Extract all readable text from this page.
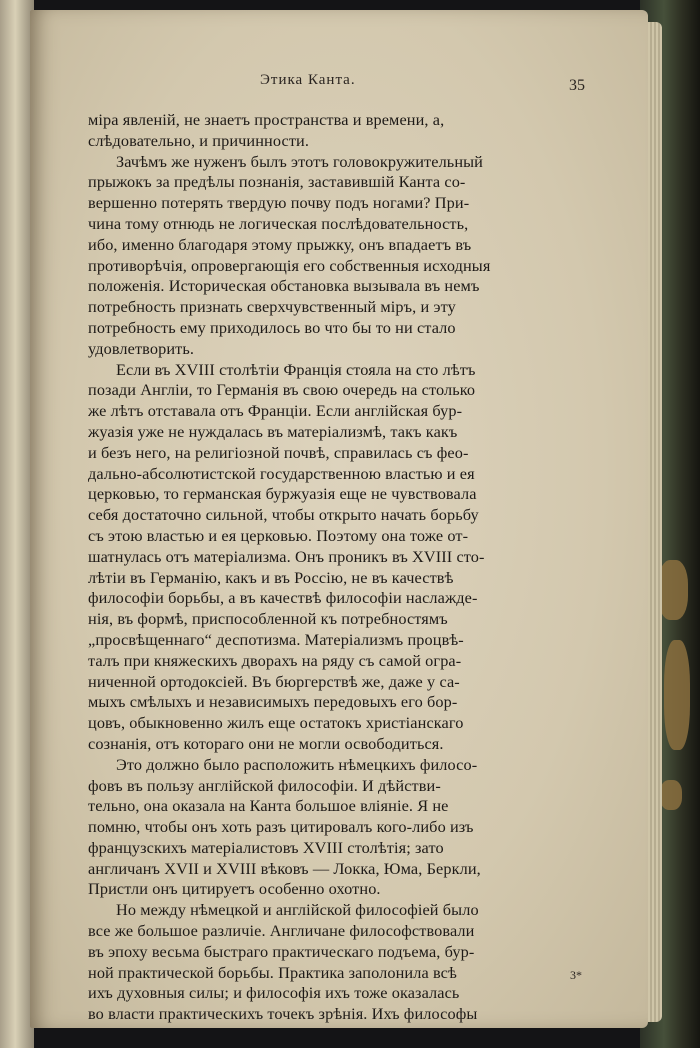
Этика Канта.	35
міра явленій, не знаетъ пространства и времени, а,
слѣдовательно, и причинности.
Зачѣмъ же нуженъ былъ этотъ головокружительный
прыжокъ за предѣлы познанія, заставившій Канта со-
вершенно потерять твердую почву подъ ногами? При-
чина тому отнюдь не логическая послѣдовательность,
ибо, именно благодаря этому прыжку, онъ впадаетъ въ
противорѣчія, опровергающія его собственныя исходныя
положенія. Историческая обстановка вызывала въ немъ
потребность признать сверхчувственный міръ, и эту
потребность ему приходилось во что бы то ни стало
удовлетворить.
Если въ XVIII столѣтіи Франція стояла на сто лѣтъ
позади Англіи, то Германія въ свою очередь на столько
же лѣтъ отставала отъ Франціи. Если англійская бур-
жуазія уже не нуждалась въ матеріализмѣ, такъ какъ
и безъ него, на религіозной почвѣ, справилась съ фео-
дально-абсолютистской государственною властью и ея
церковью, то германская буржуазія еще не чувствовала
себя достаточно сильной, чтобы открыто начать борьбу
съ этою властью и ея церковью. Поэтому она тоже от-
шатнулась отъ матеріализма. Онъ проникъ въ XVIII сто-
лѣтіи въ Германію, какъ и въ Россію, не въ качествѣ
философіи борьбы, а въ качествѣ философіи наслажде-
нія, въ формѣ, приспособленной къ потребностямъ
„просвѣщеннаго“ деспотизма. Матеріализмъ процвѣ-
талъ при княжескихъ дворахъ на ряду съ самой огра-
ниченной ортодоксіей. Въ бюргерствѣ же, даже у са-
мыхъ смѣлыхъ и независимыхъ передовыхъ его бор-
цовъ, обыкновенно жилъ еще остатокъ христіанскаго
сознанія, отъ котораго они не могли освободиться.
Это должно было расположить нѣмецкихъ филосо-
фовъ въ пользу англійской философіи. И дѣйстви-
тельно, она оказала на Канта большое вліяніе. Я не
помню, чтобы онъ хоть разъ цитировалъ кого-либо изъ
французскихъ матеріалистовъ XVIII столѣтія; зато
англичанъ XVII и XVIII вѣковъ — Локка, Юма, Беркли,
Пристли онъ цитируетъ особенно охотно.
Но между нѣмецкой и англійской философіей было
все же большое различіе. Англичане философствовали
въ эпоху весьма быстраго практическаго подъема, бур-
ной практической борьбы. Практика заполонила всѣ
ихъ духовныя силы; и философія ихъ тоже оказалась
во власти практическихъ точекъ зрѣнія. Ихъ философы
3*
